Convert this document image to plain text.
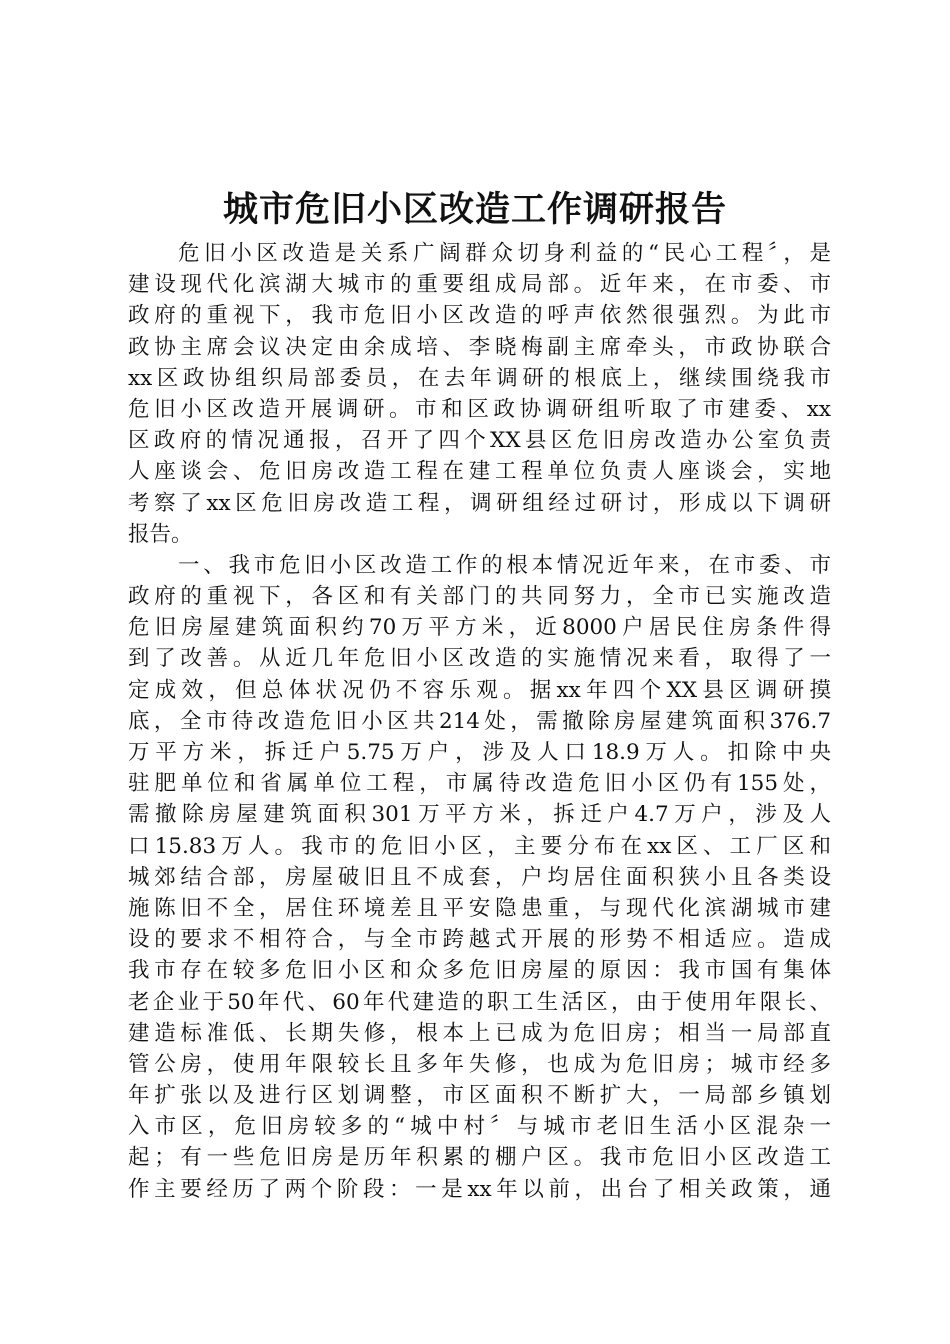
城市危旧小区改造工作调研报告
危旧小区改造是关系广阔群众切身利益的“民心工程〞，是
建设现代化滨湖大城市的重要组成局部。近年来，在市委、市
政府的重视下，我市危旧小区改造的呼声依然很强烈。为此市
政协主席会议决定由余成培、李晓梅副主席牵头，市政协联合
xx区政协组织局部委员，在去年调研的根底上，继续围绕我市
危旧小区改造开展调研。市和区政协调研组听取了市建委、xx
区政府的情况通报，召开了四个XX县区危旧房改造办公室负责
人座谈会、危旧房改造工程在建工程单位负责人座谈会，实地
考察了xx区危旧房改造工程，调研组经过研讨，形成以下调研
报告。
一、我市危旧小区改造工作的根本情况近年来，在市委、市
政府的重视下，各区和有关部门的共同努力，全市已实施改造
危旧房屋建筑面积约70万平方米，近8000户居民住房条件得
到了改善。从近几年危旧小区改造的实施情况来看，取得了一
定成效，但总体状况仍不容乐观。据xx年四个XX县区调研摸
底，全市待改造危旧小区共214处，需撤除房屋建筑面积376.7
万平方米，拆迁户5.75万户，涉及人口18.9万人。扣除中央
驻肥单位和省属单位工程，市属待改造危旧小区仍有155处，
需撤除房屋建筑面积301万平方米，拆迁户4.7万户，涉及人
口15.83万人。我市的危旧小区，主要分布在xx区、工厂区和
城郊结合部，房屋破旧且不成套，户均居住面积狭小且各类设
施陈旧不全，居住环境差且平安隐患重，与现代化滨湖城市建
设的要求不相符合，与全市跨越式开展的形势不相适应。造成
我市存在较多危旧小区和众多危旧房屋的原因：我市国有集体
老企业于50年代、60年代建造的职工生活区，由于使用年限长、
建造标准低、长期失修，根本上已成为危旧房；相当一局部直
管公房，使用年限较长且多年失修，也成为危旧房；城市经多
年扩张以及进行区划调整，市区面积不断扩大，一局部乡镇划
入市区，危旧房较多的“城中村〞与城市老旧生活小区混杂一
起；有一些危旧房是历年积累的棚户区。我市危旧小区改造工
作主要经历了两个阶段：一是xx年以前，出台了相关政策，通
